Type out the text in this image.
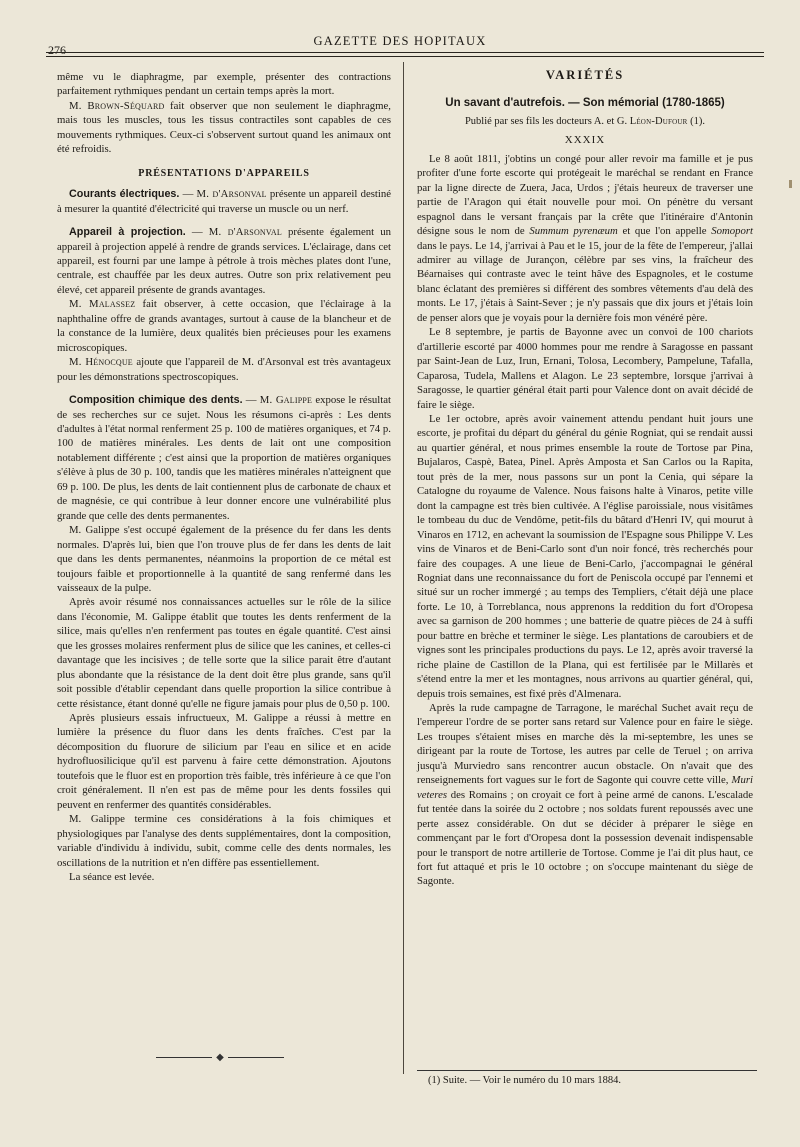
276
GAZETTE DES HOPITAUX

même vu le diaphragme, par exemple, présenter des contractions parfaitement rythmiques pendant un certain temps après la mort.

M. Brown-Séquard fait observer que non seulement le diaphragme, mais tous les muscles, tous les tissus contractiles sont capables de ces mouvements rythmiques. Ceux-ci s'observent surtout quand les animaux ont été refroidis.

PRÉSENTATIONS D'APPAREILS

Courants électriques. — M. d'Arsonval présente un appareil destiné à mesurer la quantité d'électricité qui traverse un muscle ou un nerf.

Appareil à projection. — M. d'Arsonval présente également un appareil à projection appelé à rendre de grands services. L'éclairage, dans cet appareil, est fourni par une lampe à pétrole à trois mèches plates dont l'une, centrale, est chauffée par les deux autres. Outre son prix relativement peu élevé, cet appareil présente de grands avantages.

M. Malassez fait observer, à cette occasion, que l'éclairage à la naphthaline offre de grands avantages, surtout à cause de la blancheur et de la constance de la lumière, deux qualités bien précieuses pour les examens microscopiques.

M. Hénocque ajoute que l'appareil de M. d'Arsonval est très avantageux pour les démonstrations spectroscopiques.

Composition chimique des dents. — M. Galippe expose le résultat de ses recherches sur ce sujet. Nous les résumons ci-après : Les dents d'adultes à l'état normal renferment 25 p. 100 de matières organiques, et 74 p. 100 de matières minérales. Les dents de lait ont une composition notablement différente ; c'est ainsi que la proportion de matières organiques s'élève à plus de 30 p. 100, tandis que les matières minérales n'atteignent que 69 p. 100. De plus, les dents de lait contiennent plus de carbonate de chaux et de magnésie, ce qui contribue à leur donner encore une vulnérabilité plus grande que celle des dents permanentes.

M. Galippe s'est occupé également de la présence du fer dans les dents normales. D'après lui, bien que l'on trouve plus de fer dans les dents de lait que dans les dents permanentes, néanmoins la proportion de ce métal est toujours faible et proportionnelle à la quantité de sang renfermé dans les vaisseaux de la pulpe.

Après avoir résumé nos connaissances actuelles sur le rôle de la silice dans l'économie, M. Galippe établit que toutes les dents renferment de la silice, mais qu'elles n'en renferment pas toutes en égale quantité. C'est ainsi que les grosses molaires renferment plus de silice que les canines, et celles-ci davantage que les incisives ; de telle sorte que la silice parait être d'autant plus abondante que la résistance de la dent doit être plus grande, sans qu'il soit possible d'établir cependant dans quelle proportion la silice contribue à cette résistance, étant donné qu'elle ne figure jamais pour plus de 0,50 p. 100.

Après plusieurs essais infructueux, M. Galippe a réussi à mettre en lumière la présence du fluor dans les dents fraîches. C'est par la décomposition du fluorure de silicium par l'eau en silice et en acide hydrofluosilicique qu'il est parvenu à faire cette démonstration. Ajoutons toutefois que le fluor est en proportion très faible, très inférieure à ce que l'on croit généralement. Il n'en est pas de même pour les dents fossiles qui peuvent en renfermer des quantités considérables.

M. Galippe termine ces considérations à la fois chimiques et physiologiques par l'analyse des dents supplémentaires, dont la composition, variable d'individu à individu, subit, comme celle des dents normales, les oscillations de la nutrition et n'en diffère pas essentiellement.

La séance est levée.

◆

VARIÉTÉS

Un savant d'autrefois. — Son mémorial (1780-1865)

Publié par ses fils les docteurs A. et G. Léon-Dufour (1).

XXXIX

Le 8 août 1811, j'obtins un congé pour aller revoir ma famille et je pus profiter d'une forte escorte qui protégeait le maréchal se rendant en France par la ligne directe de Zuera, Jaca, Urdos ; j'étais heureux de traverser une partie de l'Aragon qui était nouvelle pour moi. On pénètre du versant espagnol dans le versant français par la crête que l'itinéraire d'Antonin désigne sous le nom de Summum pyrenæum et que l'on appelle Somoport dans le pays. Le 14, j'arrivai à Pau et le 15, jour de la fête de l'empereur, j'allai admirer au village de Jurançon, célèbre par ses vins, la fraîcheur des Béarnaises qui contraste avec le teint hâve des Espagnoles, et le costume blanc éclatant des premières si différent des sombres vêtements d'au delà des monts. Le 17, j'étais à Saint-Sever ; je n'y passais que dix jours et j'étais loin de penser alors que je voyais pour la dernière fois mon vénéré père.

Le 8 septembre, je partis de Bayonne avec un convoi de 100 chariots d'artillerie escorté par 4000 hommes pour me rendre à Saragosse en passant par Saint-Jean de Luz, Irun, Ernani, Tolosa, Lecombery, Pampelune, Tafalla, Caparosa, Tudela, Mallens et Alagon. Le 23 septembre, lorsque j'arrivai à Saragosse, le quartier général était parti pour Valence dont on avait décidé de faire le siège.

Le 1er octobre, après avoir vainement attendu pendant huit jours une escorte, je profitai du départ du général du génie Rogniat, qui se rendait aussi au quartier général, et nous primes ensemble la route de Tortose par Pina, Bujalaros, Caspè, Batea, Pinel. Après Amposta et San Carlos ou la Rapita, tout près de la mer, nous passons sur un pont la Cenia, qui sépare la Catalogne du royaume de Valence. Nous faisons halte à Vinaros, petite ville dont la campagne est très bien cultivée. A l'église paroissiale, nous visitâmes le tombeau du duc de Vendôme, petit-fils du bâtard d'Henri IV, qui mourut à Vinaros en 1712, en achevant la soumission de l'Espagne sous Philippe V. Les vins de Vinaros et de Beni-Carlo sont d'un noir foncé, très recherchés pour faire des coupages. A une lieue de Beni-Carlo, j'accompagnai le général Rogniat dans une reconnaissance du fort de Peniscola occupé par l'ennemi et situé sur un rocher immergé ; au temps des Templiers, c'était déjà une place forte. Le 10, à Torreblanca, nous apprenons la reddition du fort d'Oropesa avec sa garnison de 200 hommes ; une batterie de quatre pièces de 24 à suffi pour battre en brèche et terminer le siège. Les plantations de caroubiers et de vignes sont les principales productions du pays. Le 12, après avoir traversé la riche plaine de Castillon de la Plana, qui est fertilisée par le Millarès et s'étend entre la mer et les montagnes, nous arrivons au quartier général, qui, depuis trois semaines, est fixé près d'Almenara.

Après la rude campagne de Tarragone, le maréchal Suchet avait reçu de l'empereur l'ordre de se porter sans retard sur Valence pour en faire le siège. Les troupes s'étaient mises en marche dès la mi-septembre, les unes se dirigeant par la route de Tortose, les autres par celle de Teruel ; on arriva jusqu'à Murviedro sans rencontrer aucun obstacle. On n'avait que des renseignements fort vagues sur le fort de Sagonte qui couvre cette ville, Muri veteres des Romains ; on croyait ce fort à peine armé de canons. L'escalade fut tentée dans la soirée du 2 octobre ; nos soldats furent repoussés avec une perte assez considérable. On dut se décider à préparer le siège en commençant par le fort d'Oropesa dont la possession devenait indispensable pour le transport de notre artillerie de Tortose. Comme je l'ai dit plus haut, ce fort fut attaqué et pris le 10 octobre ; on s'occupe maintenant du siège de Sagonte.

(1) Suite. — Voir le numéro du 10 mars 1884.
